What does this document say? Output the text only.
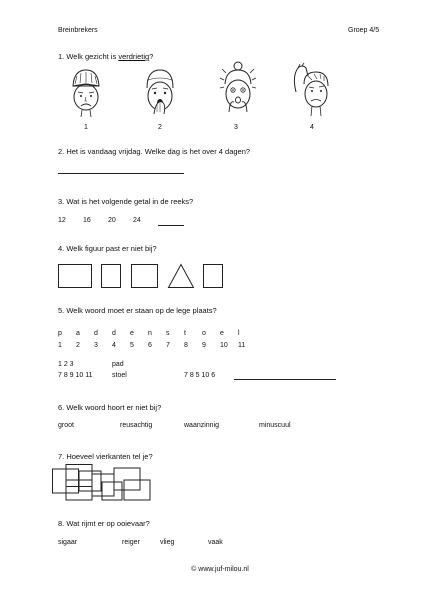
Breinbrekers	Groep 4/5
1. Welk gezicht is verdrietig?
1	2	3	4
2. Het is vandaag vrijdag. Welke dag is het over 4 dagen?
3. Wat is het volgende getal in de reeks?
12 16 20 24
4. Welk figuur past er niet bij?
5. Welk woord moet er staan op de lege plaats?
p	a	d	d	e	n	s	t	o	e	l
1	2	3	4	5	6	7	8	9	10	11
1 2 3	pad
7 8 9 10 11	stoel	7 8 5 10 6
6. Welk woord hoort er niet bij?
groot	reusachtig	waanzinnig	minuscuul
7. Hoeveel vierkanten tel je?
8. Wat rijmt er op ooievaar?
sigaar	reiger	vlieg	vaak
© www.juf-milou.nl
